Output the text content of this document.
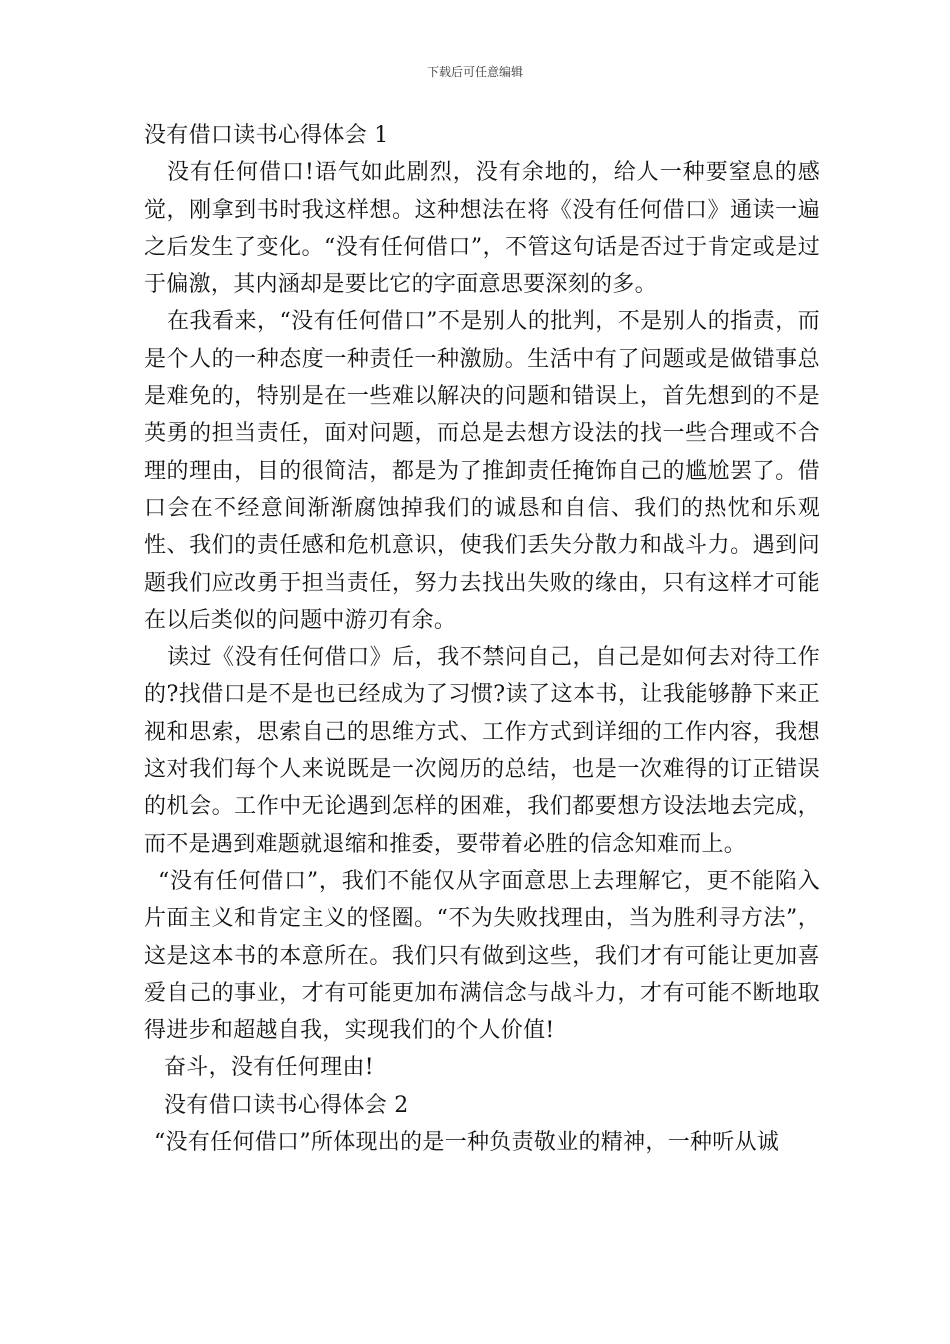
下载后可任意编辑
没有借口读书心得体会 1

没有任何借口!语气如此剧烈，没有余地的，给人一种要窒息的感觉，刚拿到书时我这样想。这种想法在将《没有任何借口》通读一遍之后发生了变化。“没有任何借口”，不管这句话是否过于肯定或是过于偏激，其内涵却是要比它的字面意思要深刻的多。

在我看来，“没有任何借口”不是别人的批判，不是别人的指责，而是个人的一种态度一种责任一种激励。生活中有了问题或是做错事总是难免的，特别是在一些难以解决的问题和错误上，首先想到的不是英勇的担当责任，面对问题，而总是去想方设法的找一些合理或不合理的理由，目的很简洁，都是为了推卸责任掩饰自己的尴尬罢了。借口会在不经意间渐渐腐蚀掉我们的诚恳和自信、我们的热忱和乐观性、我们的责任感和危机意识，使我们丢失分散力和战斗力。遇到问题我们应改勇于担当责任，努力去找出失败的缘由，只有这样才可能在以后类似的问题中游刃有余。

读过《没有任何借口》后，我不禁问自己，自己是如何去对待工作的?找借口是不是也已经成为了习惯?读了这本书，让我能够静下来正视和思索，思索自己的思维方式、工作方式到详细的工作内容，我想这对我们每个人来说既是一次阅历的总结，也是一次难得的订正错误的机会。工作中无论遇到怎样的困难，我们都要想方设法地去完成，而不是遇到难题就退缩和推委，要带着必胜的信念知难而上。

“没有任何借口”，我们不能仅从字面意思上去理解它，更不能陷入片面主义和肯定主义的怪圈。“不为失败找理由，当为胜利寻方法”，这是这本书的本意所在。我们只有做到这些，我们才有可能让更加喜爱自己的事业，才有可能更加布满信念与战斗力，才有可能不断地取得进步和超越自我，实现我们的个人价值!

奋斗，没有任何理由!

没有借口读书心得体会 2

“没有任何借口”所体现出的是一种负责敬业的精神，一种听从诚
